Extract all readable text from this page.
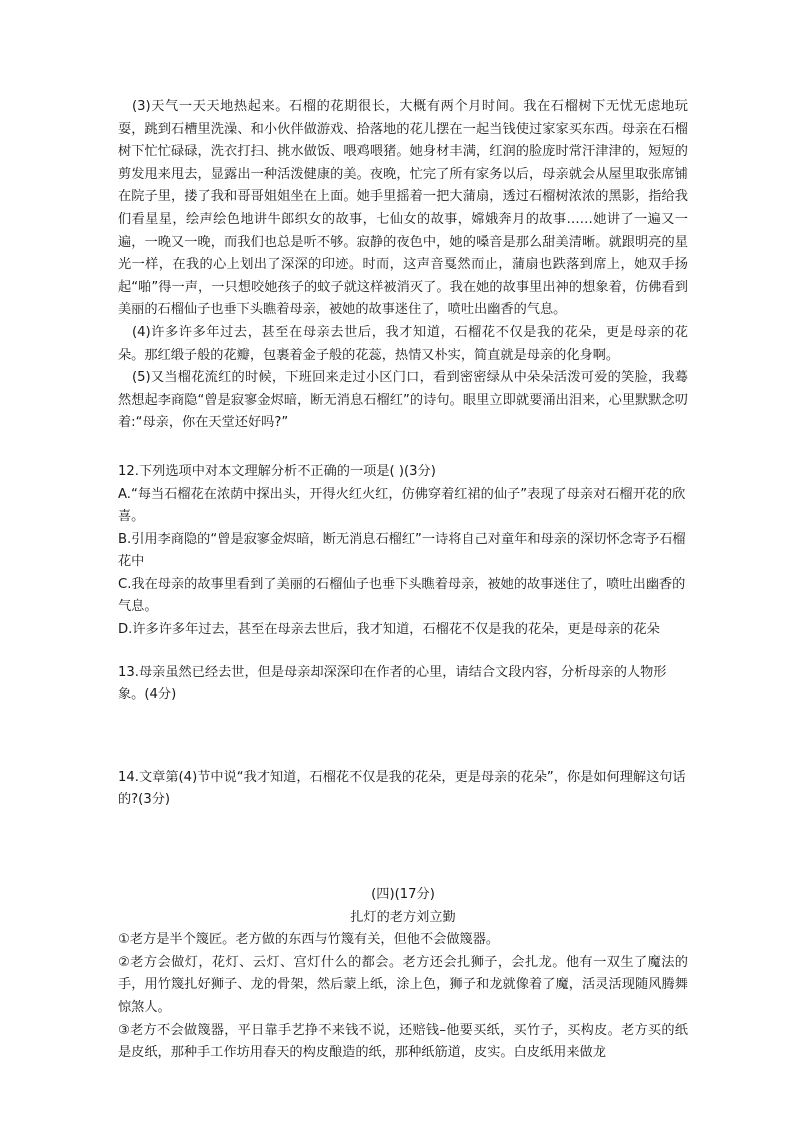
(3)天气一天天地热起来。石榴的花期很长，大概有两个月时间。我在石榴树下无忧无虑地玩耍，跳到石槽里洗澡、和小伙伴做游戏、拾落地的花儿摆在一起当钱使过家家买东西。母亲在石榴树下忙忙碌碌，洗衣打扫、挑水做饭、喂鸡喂猪。她身材丰满，红润的脸庞时常汗津津的，短短的剪发甩来甩去，显露出一种活泼健康的美。夜晚，忙完了所有家务以后，母亲就会从屋里取张席铺在院子里，搂了我和哥哥姐姐坐在上面。她手里摇着一把大蒲扇，透过石榴树浓浓的黑影，指给我们看星星，绘声绘色地讲牛郎织女的故事，七仙女的故事，嫦娥奔月的故事……她讲了一遍又一遍，一晚又一晚，而我们也总是听不够。寂静的夜色中，她的嗓音是那么甜美清晰。就跟明亮的星光一样，在我的心上划出了深深的印迹。时而，这声音戛然而止，蒲扇也跌落到席上，她双手扬起“啪”得一声，一只想咬她孩子的蚊子就这样被消灭了。我在她的故事里出神的想象着，仿佛看到美丽的石榴仙子也垂下头瞧着母亲，被她的故事迷住了，喷吐出幽香的气息。

(4)许多许多年过去，甚至在母亲去世后，我才知道，石榴花不仅是我的花朵，更是母亲的花朵。那红缎子般的花瓣，包裹着金子般的花蕊，热情又朴实，简直就是母亲的化身啊。

(5)又当榴花流红的时候，下班回来走过小区门口，看到密密绿从中朵朵活泼可爱的笑脸，我蓦然想起李商隐“曾是寂寥金烬暗，断无消息石榴红”的诗句。眼里立即就要涌出泪来，心里默默念叨着:“母亲，你在天堂还好吗?”

12.下列选项中对本文理解分析不正确的一项是( )(3分)

A.“每当石榴花在浓荫中探出头，开得火红火红，仿佛穿着红裙的仙子”表现了母亲对石榴开花的欣喜。

B.引用李商隐的“曾是寂寥金烬暗，断无消息石榴红”一诗将自己对童年和母亲的深切怀念寄予石榴花中

C.我在母亲的故事里看到了美丽的石榴仙子也垂下头瞧着母亲，被她的故事迷住了，喷吐出幽香的气息。

D.许多许多年过去，甚至在母亲去世后，我才知道，石榴花不仅是我的花朵，更是母亲的花朵

13.母亲虽然已经去世，但是母亲却深深印在作者的心里，请结合文段内容，分析母亲的人物形象。(4分)

14.文章第(4)节中说“我才知道，石榴花不仅是我的花朵，更是母亲的花朵”，你是如何理解这句话的?(3分)

(四)(17分)

扎灯的老方刘立勤

①老方是半个篾匠。老方做的东西与竹篾有关，但他不会做篾器。

②老方会做灯，花灯、云灯、宫灯什么的都会。老方还会扎狮子，会扎龙。他有一双生了魔法的手，用竹篾扎好狮子、龙的骨架，然后蒙上纸，涂上色，狮子和龙就像着了魔，活灵活现随风腾舞惊煞人。

③老方不会做篾器，平日靠手艺挣不来钱不说，还赔钱–他要买纸，买竹子，买构皮。老方买的纸是皮纸，那种手工作坊用春天的构皮酿造的纸，那种纸筋道，皮实。白皮纸用来做龙
